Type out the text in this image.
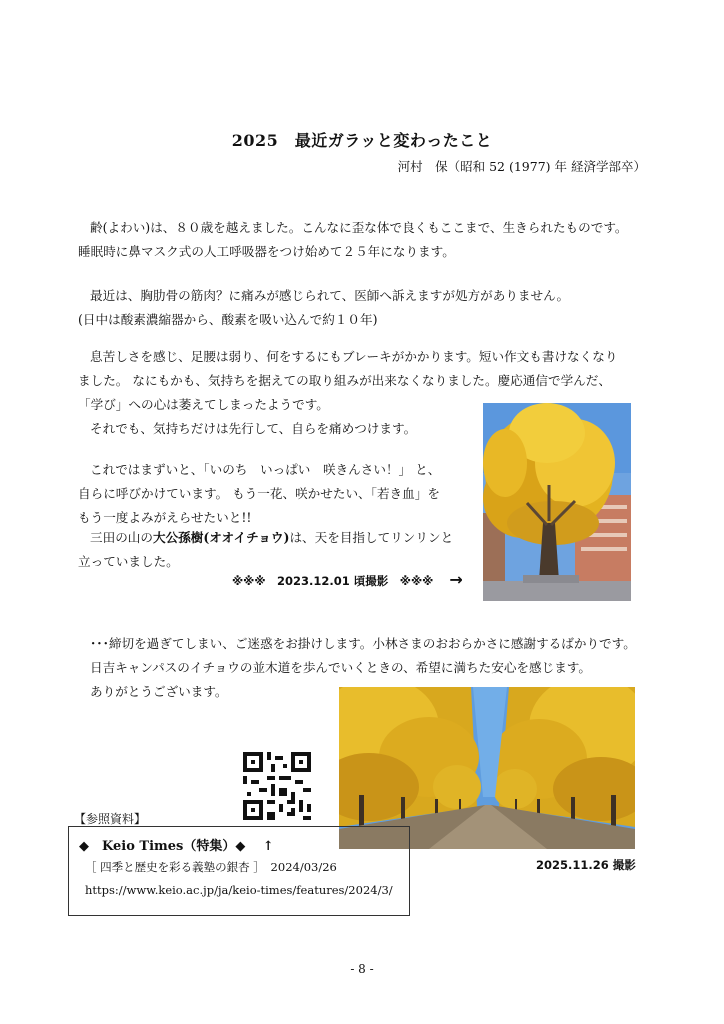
2025　最近ガラッと変わったこと
河村　保（昭和 52 (1977) 年 経済学部卒）
齢(よわい)は、８０歳を越えました。こんなに歪な体で良くもここまで、生きられたものです。
睡眠時に鼻マスク式の人工呼吸器をつけ始めて２５年になります。
最近は、胸肋骨の筋肉？に痛みが感じられて、医師へ訴えますが処方がありません。
(日中は酸素濃縮器から、酸素を吸い込んで約１０年)
息苦しさを感じ、足腰は弱り、何をするにもブレーキがかかります。短い作文も書けなくなり
ました。 なにもかも、気持ちを据えての取り組みが出来なくなりました。慶応通信で学んだ、
「学び」への心は萎えてしまったようです。
それでも、気持ちだけは先行して、自らを痛めつけます。
これではまずいと、「いのち　いっぱい　咲きんさい！」 と、
自らに呼びかけています。 もう一花、咲かせたい、「若き血」を
もう一度よみがえらせたいと!!
三田の山の大公孫樹(オオイチョウ)は、天を目指してリンリンと
立っていました。
※※※　2023.12.01 頃撮影　※※※ →
･･･締切を過ぎてしまい、ご迷惑をお掛けします。小林さまのおおらかさに感謝するばかりです。
日吉キャンパスのイチョウの並木道を歩んでいくときの、希望に満ちた安心を感じます。
ありがとうございます。
2025.11.26 撮影
【参照資料】
◆　Keio Times（特集）◆　 ↑
［ 四季と歴史を彩る義塾の銀杏 ］　2024/03/26
https://www.keio.ac.jp/ja/keio-times/features/2024/3/
- 8 -
